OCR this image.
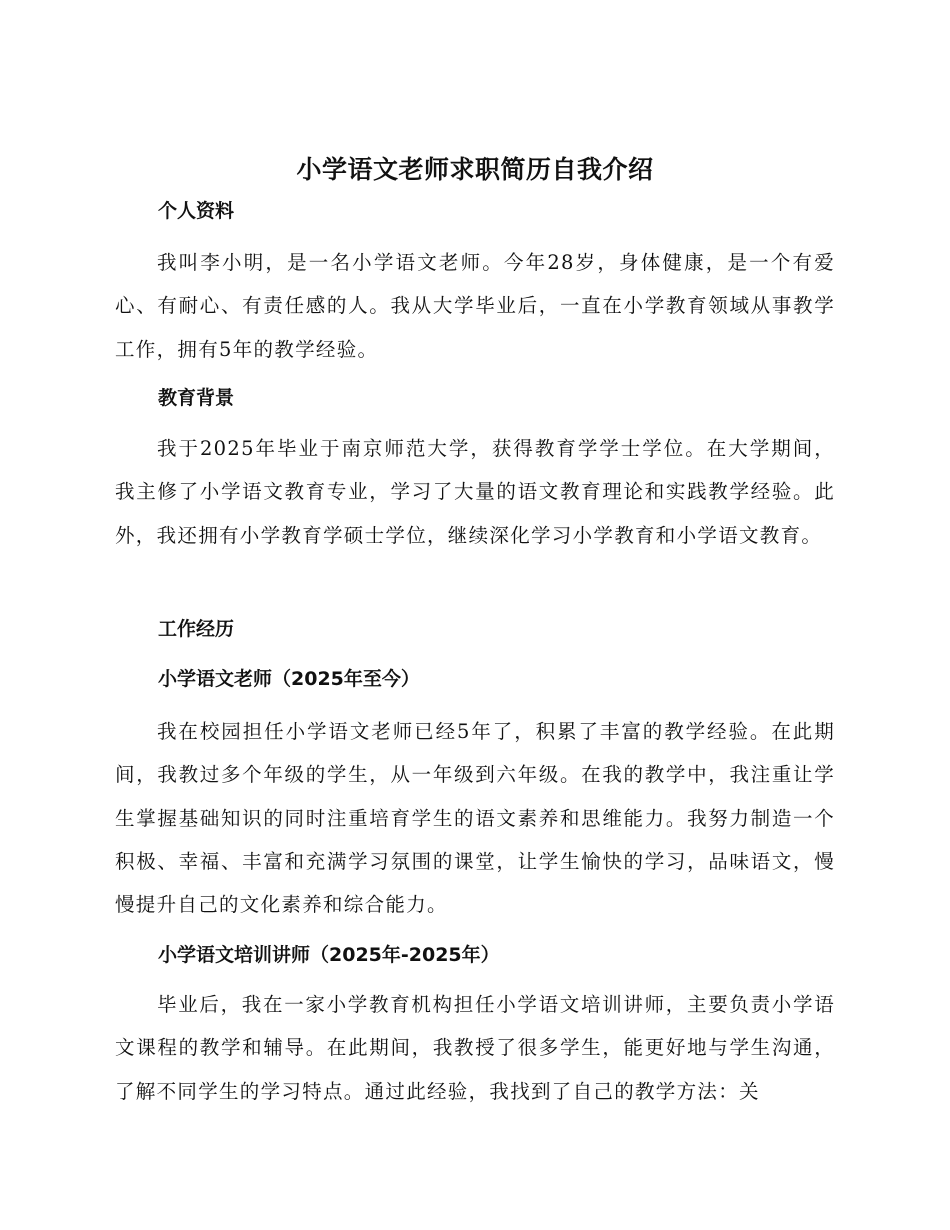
小学语文老师求职简历自我介绍
个人资料

我叫李小明，是一名小学语文老师。今年28岁，身体健康，是一个有爱心、有耐心、有责任感的人。我从大学毕业后，一直在小学教育领域从事教学工作，拥有5年的教学经验。

教育背景

我于2025年毕业于南京师范大学，获得教育学学士学位。在大学期间，我主修了小学语文教育专业，学习了大量的语文教育理论和实践教学经验。此外，我还拥有小学教育学硕士学位，继续深化学习小学教育和小学语文教育。

工作经历
小学语文老师（2025年至今）

我在校园担任小学语文老师已经5年了，积累了丰富的教学经验。在此期间，我教过多个年级的学生，从一年级到六年级。在我的教学中，我注重让学生掌握基础知识的同时注重培育学生的语文素养和思维能力。我努力制造一个积极、幸福、丰富和充满学习氛围的课堂，让学生愉快的学习，品味语文，慢慢提升自己的文化素养和综合能力。

小学语文培训讲师（2025年-2025年）

毕业后，我在一家小学教育机构担任小学语文培训讲师，主要负责小学语文课程的教学和辅导。在此期间，我教授了很多学生，能更好地与学生沟通，了解不同学生的学习特点。通过此经验，我找到了自己的教学方法：关
